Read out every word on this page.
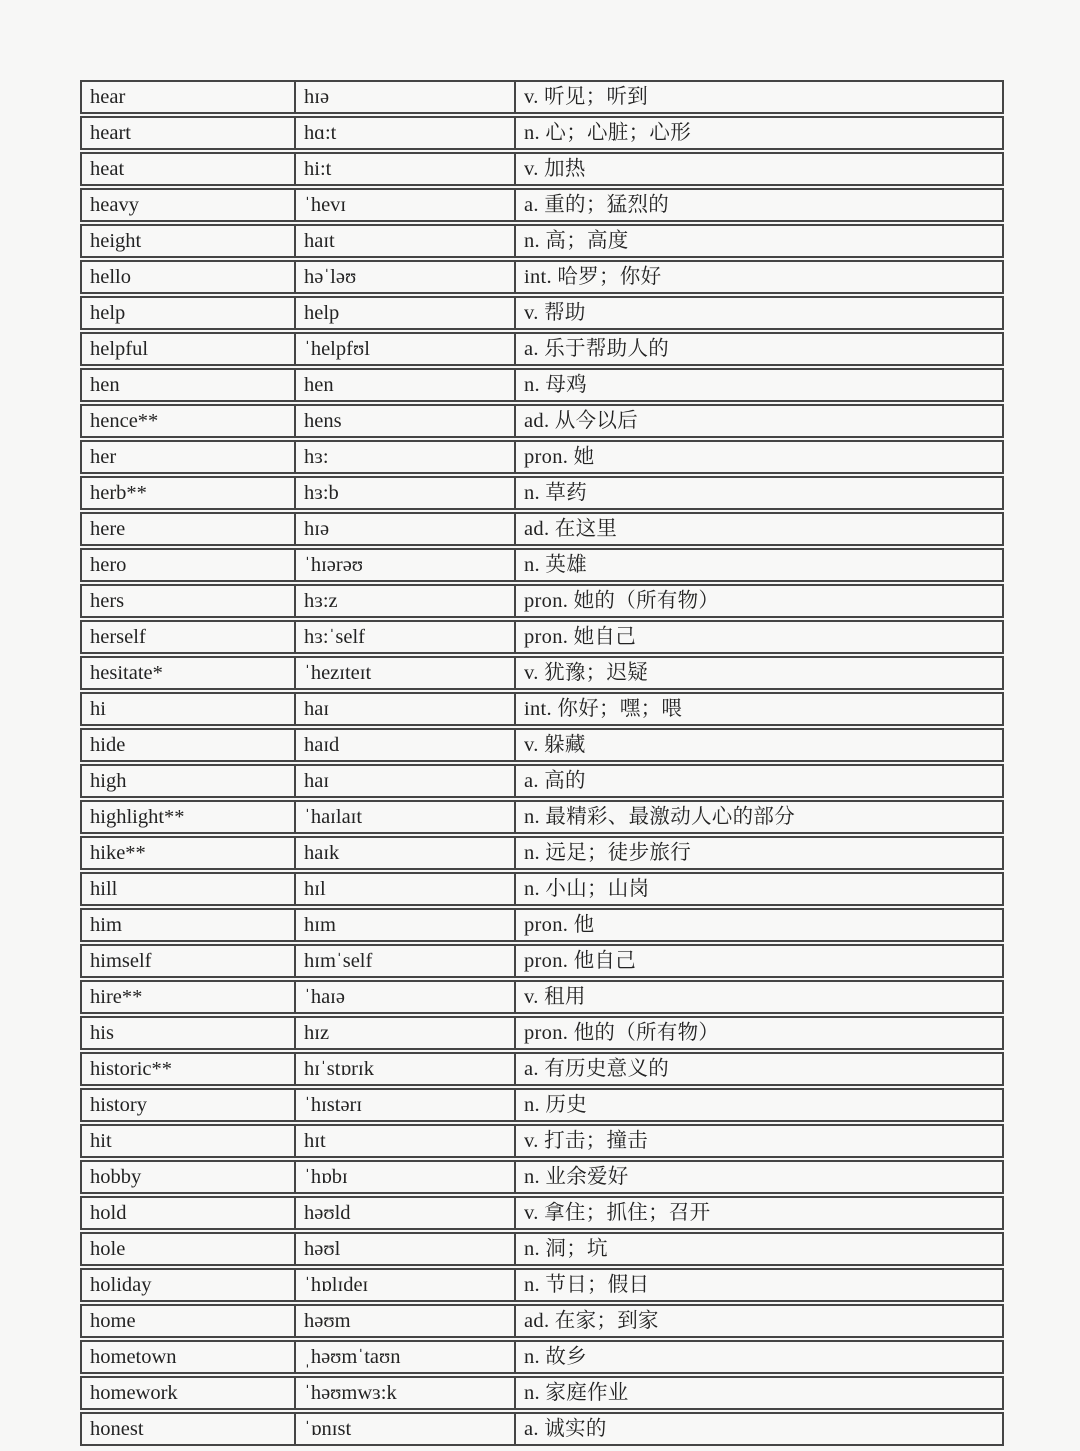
hear	hɪə	v. 听见；听到
heart	hɑ:t	n. 心；心脏；心形
heat	hi:t	v. 加热
heavy	ˈhevɪ	a. 重的；猛烈的
height	haɪt	n. 高；高度
hello	həˈləʊ	int. 哈罗；你好
help	help	v. 帮助
helpful	ˈhelpfʊl	a. 乐于帮助人的
hen	hen	n. 母鸡
hence**	hens	ad. 从今以后
her	hɜ:	pron. 她
herb**	hɜ:b	n. 草药
here	hɪə	ad. 在这里
hero	ˈhɪərəʊ	n. 英雄
hers	hɜ:z	pron. 她的（所有物）
herself	hɜ:ˈself	pron. 她自己
hesitate*	ˈhezɪteɪt	v. 犹豫；迟疑
hi	haɪ	int. 你好；嘿；喂
hide	haɪd	v. 躲藏
high	haɪ	a. 高的
highlight**	ˈhaɪlaɪt	n. 最精彩、最激动人心的部分
hike**	haɪk	n. 远足；徒步旅行
hill	hɪl	n. 小山；山岗
him	hɪm	pron. 他
himself	hɪmˈself	pron. 他自己
hire**	ˈhaɪə	v. 租用
his	hɪz	pron. 他的（所有物）
historic**	hɪˈstɒrɪk	a. 有历史意义的
history	ˈhɪstərɪ	n. 历史
hit	hɪt	v. 打击；撞击
hobby	ˈhɒbɪ	n. 业余爱好
hold	həʊld	v. 拿住；抓住；召开
hole	həʊl	n. 洞；坑
holiday	ˈhɒlɪdeɪ	n. 节日；假日
home	həʊm	ad. 在家；到家
hometown	ˌhəʊmˈtaʊn	n. 故乡
homework	ˈhəʊmwɜ:k	n. 家庭作业
honest	ˈɒnɪst	a. 诚实的
